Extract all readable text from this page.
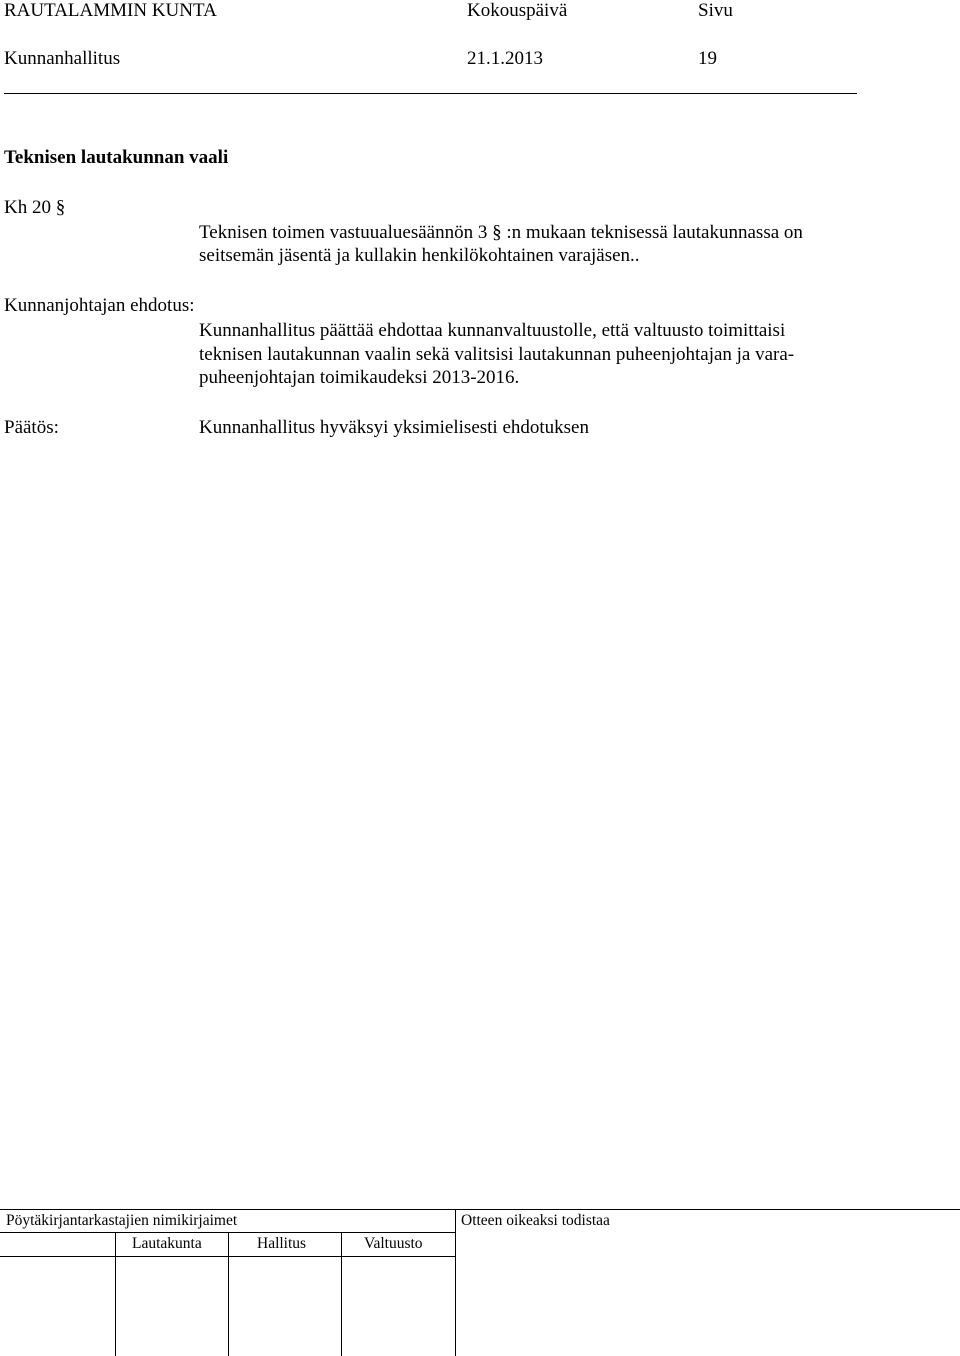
RAUTALAMMIN KUNTA	Kokouspäivä	Sivu
Kunnanhallitus	21.1.2013	19
Teknisen lautakunnan vaali
Kh 20 §
Teknisen toimen vastuualuesäännön 3 § :n mukaan teknisessä lautakunnassa on
seitsemän jäsentä ja kullakin henkilökohtainen varajäsen..
Kunnanjohtajan ehdotus:
Kunnanhallitus päättää ehdottaa kunnanvaltuustolle, että valtuusto toimittaisi
teknisen lautakunnan vaalin sekä valitsisi lautakunnan puheenjohtajan ja vara-
puheenjohtajan toimikaudeksi 2013-2016.
Päätös:	Kunnanhallitus hyväksyi yksimielisesti ehdotuksen
Pöytäkirjantarkastajien nimikirjaimet	Otteen oikeaksi todistaa
Lautakunta	Hallitus	Valtuusto
